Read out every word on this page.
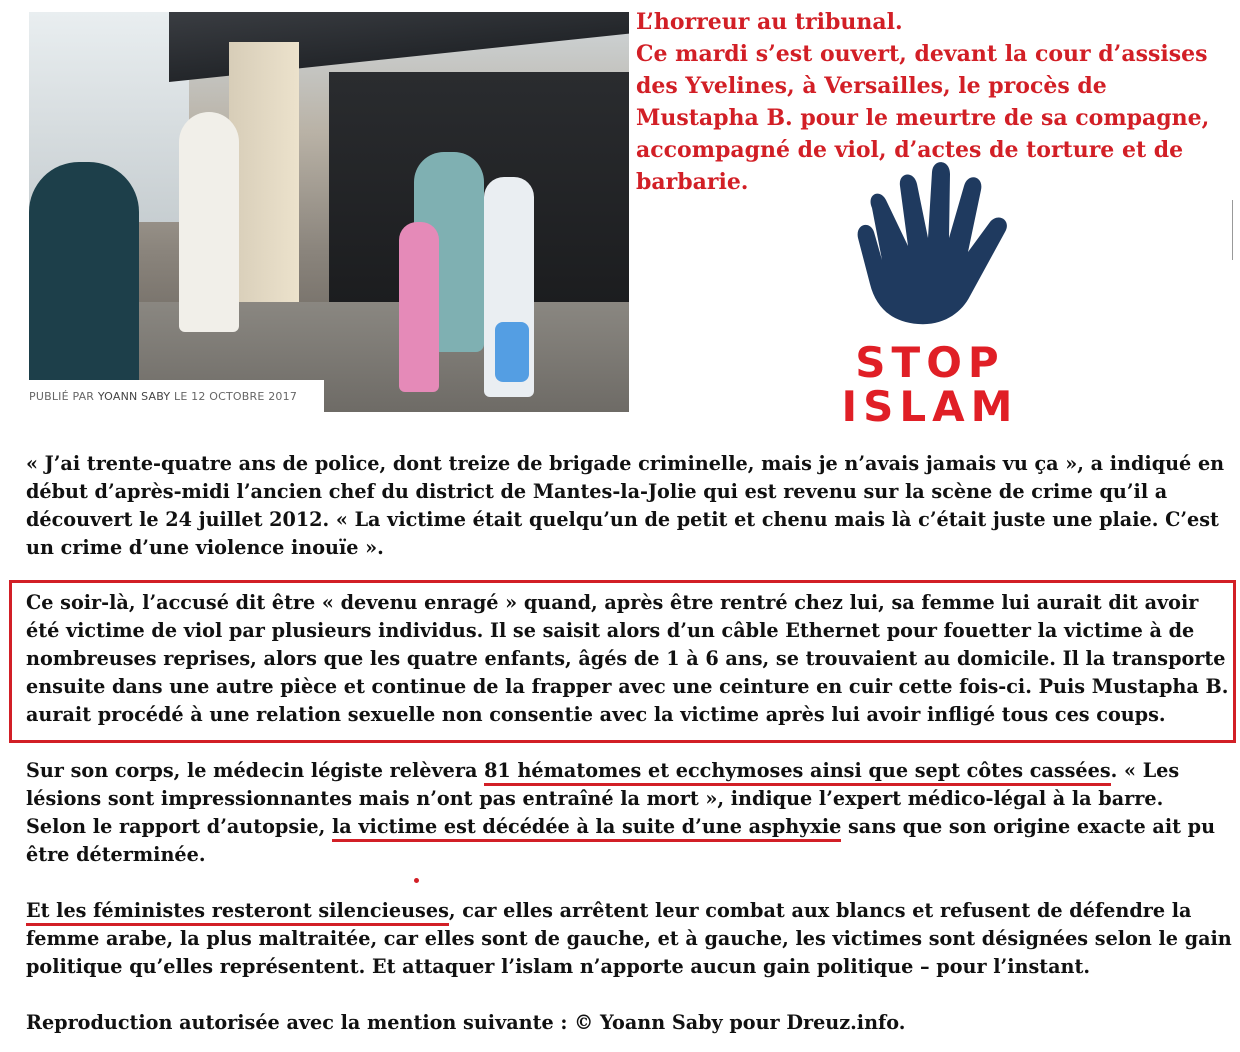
PUBLIÉ PAR YOANN SABY LE 12 OCTOBRE 2017
L’horreur au tribunal.
Ce mardi s’est ouvert, devant la cour d’assises
des Yvelines, à Versailles, le procès de
Mustapha B. pour le meurtre de sa compagne,
accompagné de viol, d’actes de torture et de
barbarie.
STOP
ISLAM
« J’ai trente-quatre ans de police, dont treize de brigade criminelle, mais je n’avais jamais vu ça », a indiqué en
début d’après-midi l’ancien chef du district de Mantes-la-Jolie qui est revenu sur la scène de crime qu’il a
découvert le 24 juillet 2012. « La victime était quelqu’un de petit et chenu mais là c’était juste une plaie. C’est
un crime d’une violence inouïe ».
Ce soir-là, l’accusé dit être « devenu enragé » quand, après être rentré chez lui, sa femme lui aurait dit avoir
été victime de viol par plusieurs individus. Il se saisit alors d’un câble Ethernet pour fouetter la victime à de
nombreuses reprises, alors que les quatre enfants, âgés de 1 à 6 ans, se trouvaient au domicile. Il la transporte
ensuite dans une autre pièce et continue de la frapper avec une ceinture en cuir cette fois-ci. Puis Mustapha B.
aurait procédé à une relation sexuelle non consentie avec la victime après lui avoir infligé tous ces coups.
Sur son corps, le médecin légiste relèvera 81 hématomes et ecchymoses ainsi que sept côtes cassées. « Les
lésions sont impressionnantes mais n’ont pas entraîné la mort », indique l’expert médico-légal à la barre.
Selon le rapport d’autopsie, la victime est décédée à la suite d’une asphyxie sans que son origine exacte ait pu
être déterminée.
Et les féministes resteront silencieuses, car elles arrêtent leur combat aux blancs et refusent de défendre la
femme arabe, la plus maltraitée, car elles sont de gauche, et à gauche, les victimes sont désignées selon le gain
politique qu’elles représentent. Et attaquer l’islam n’apporte aucun gain politique – pour l’instant.
Reproduction autorisée avec la mention suivante : © Yoann Saby pour Dreuz.info.
